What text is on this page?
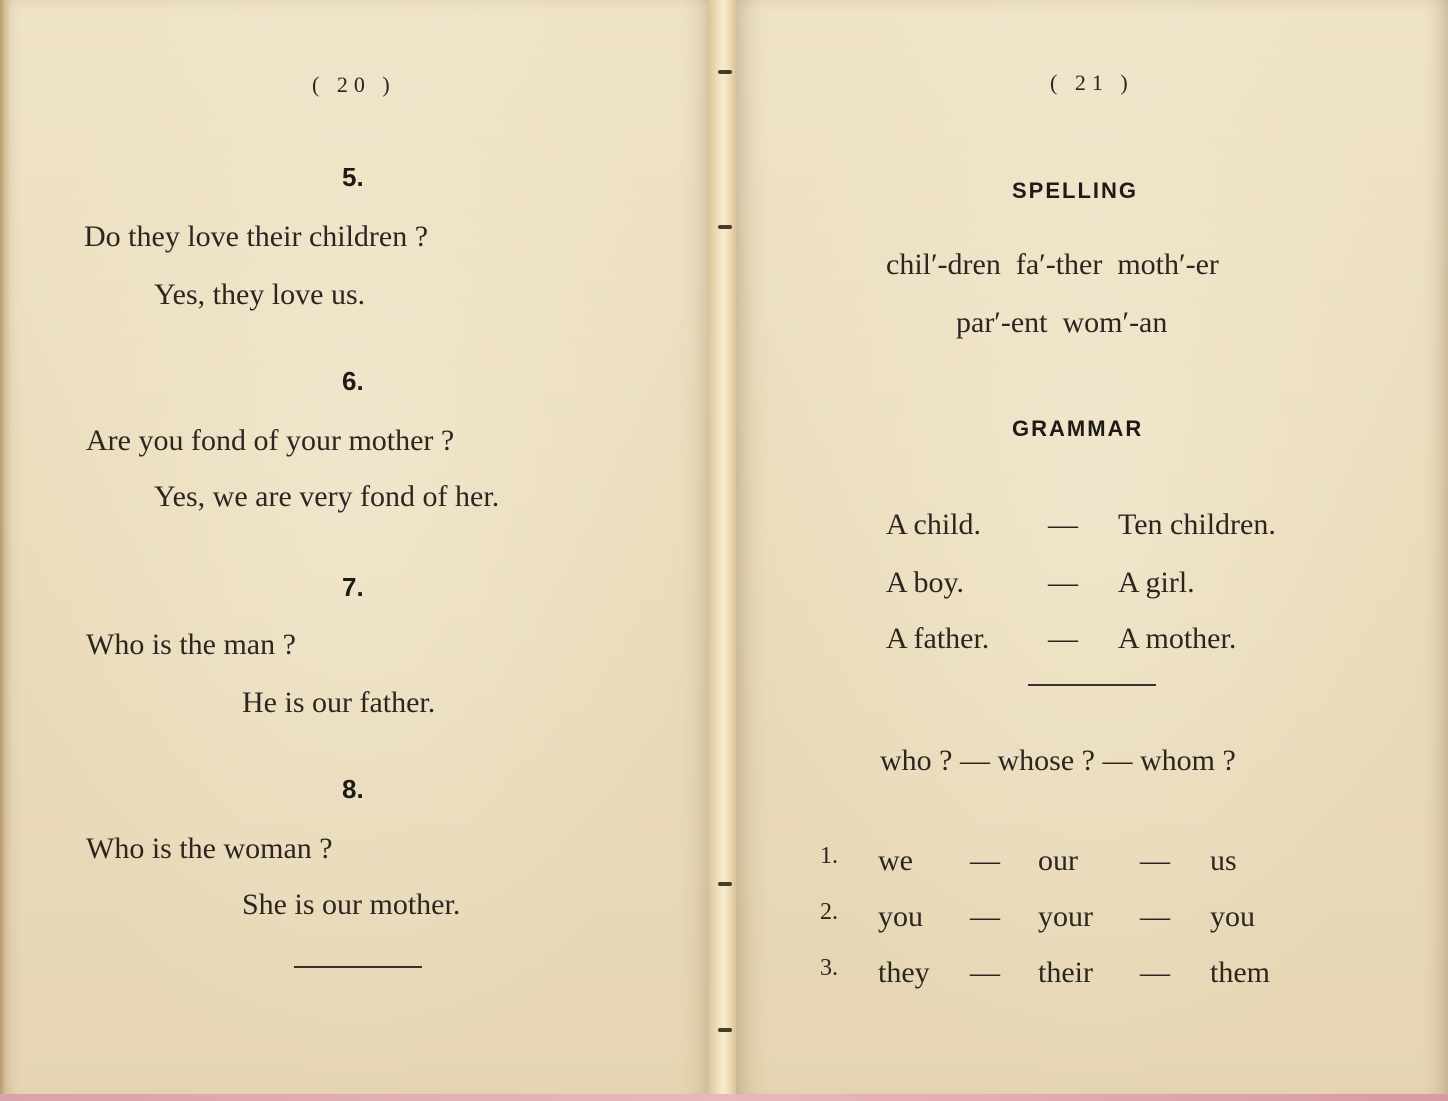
( 20 )

5.

Do they love their children ?

Yes, they love us.

6.

Are you fond of your mother ?

Yes, we are very fond of her.

7.

Who is the man ?

He is our father.

8.

Who is the woman ?

She is our mother.

( 21 )

SPELLING

chil′-dren  fa′-ther  moth′-er

par′-ent  wom′-an

GRAMMAR

A child. — Ten children.

A boy.	— A girl.

A father. — A mother.

who ? — whose ? — whom ?

1. we — our — us

2. you — your — you

3. they — their — them
